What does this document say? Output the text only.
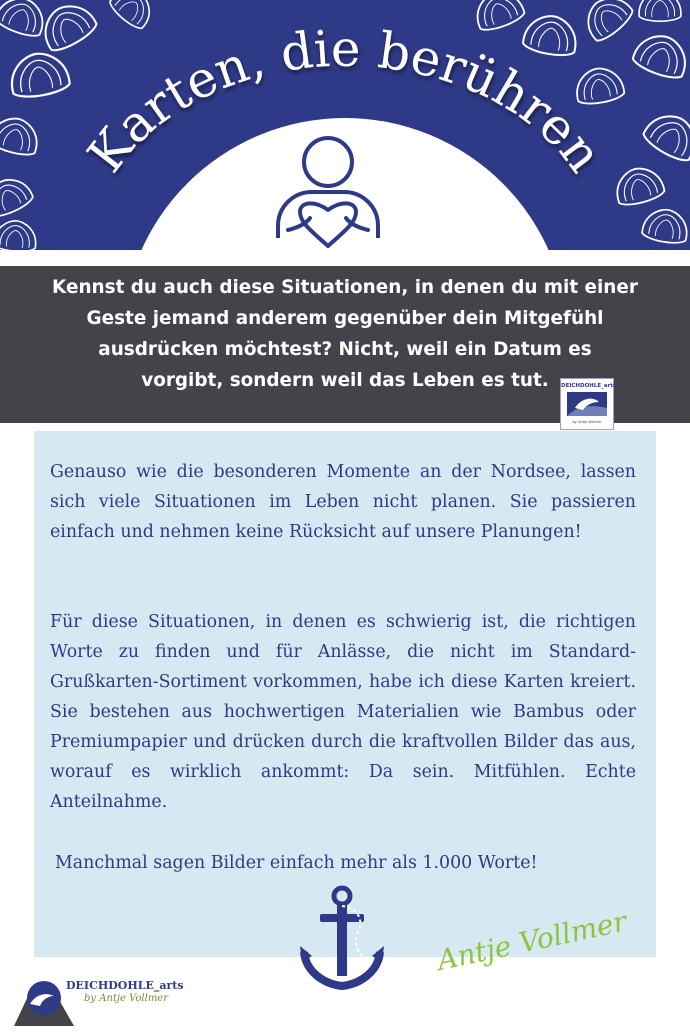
Karten, die berühren
Kennst du auch diese Situationen, in denen du mit einer
Geste jemand anderem gegenüber dein Mitgefühl
ausdrücken möchtest? Nicht, weil ein Datum es
vorgibt, sondern weil das Leben es tut.	DEICHDOHLE_arts
by Antje Vollmer

Genauso wie die besonderen Momente an der Nordsee, lassen sich viele Situationen im Leben nicht planen. Sie passieren einfach und nehmen keine Rücksicht auf unsere Planungen!

Für diese Situationen, in denen es schwierig ist, die richtigen Worte zu finden und für Anlässe, die nicht im Standard-Grußkarten-Sortiment vorkommen, habe ich diese Karten kreiert. Sie bestehen aus hochwertigen Materialien wie Bambus oder Premiumpapier und drücken durch die kraftvollen Bilder das aus, worauf es wirklich ankommt: Da sein. Mitfühlen. Echte Anteilnahme.

Manchmal sagen Bilder einfach mehr als 1.000 Worte!

Antje Vollmer
DEICHDOHLE_arts
by Antje Vollmer
